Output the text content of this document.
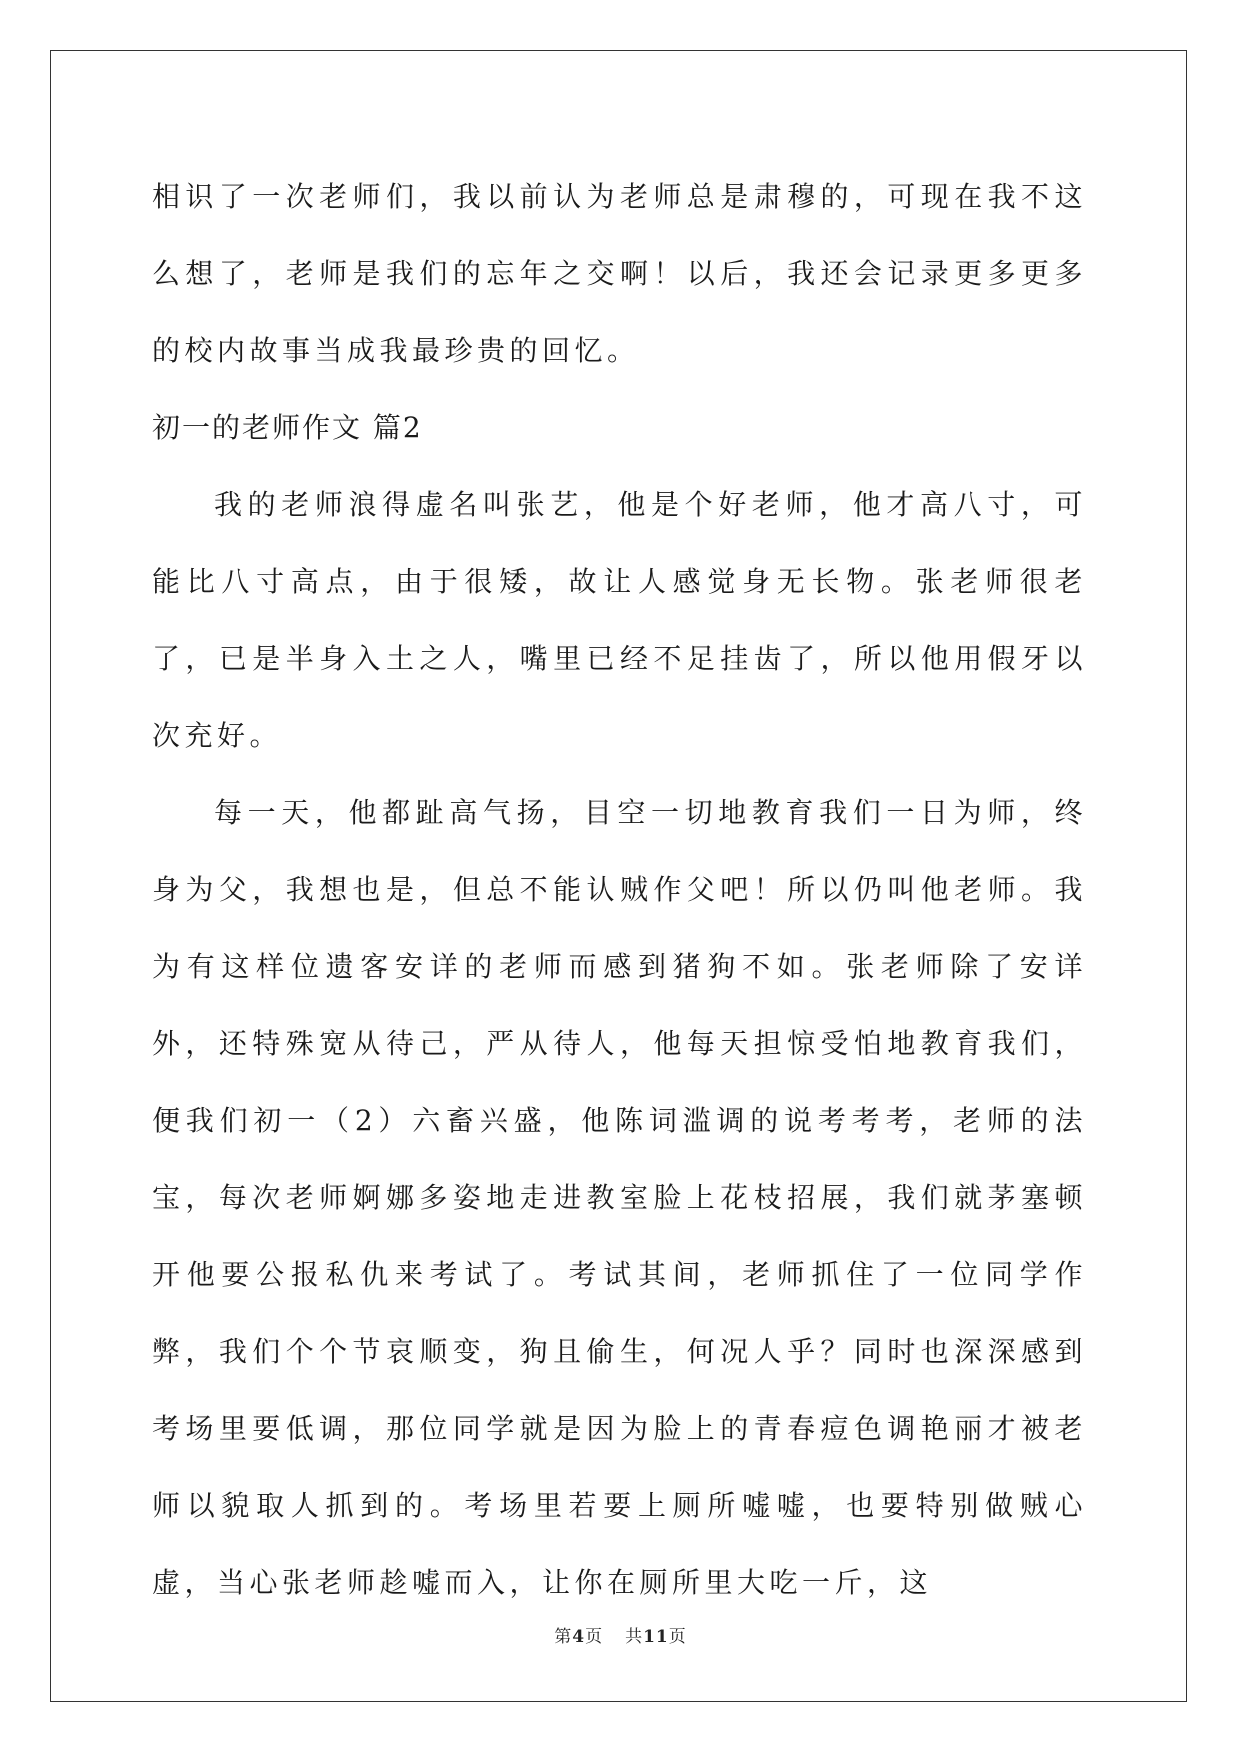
相识了一次老师们，我以前认为老师总是肃穆的，可现在我不这么想了，老师是我们的忘年之交啊！以后，我还会记录更多更多的校内故事当成我最珍贵的回忆。

初一的老师作文 篇2

我的老师浪得虚名叫张艺，他是个好老师，他才高八寸，可能比八寸高点，由于很矮，故让人感觉身无长物。张老师很老了，已是半身入土之人，嘴里已经不足挂齿了，所以他用假牙以次充好。

每一天，他都趾高气扬，目空一切地教育我们一日为师，终身为父，我想也是，但总不能认贼作父吧！所以仍叫他老师。我为有这样位遗客安详的老师而感到猪狗不如。张老师除了安详外，还特殊宽从待己，严从待人，他每天担惊受怕地教育我们，便我们初一（2）六畜兴盛，他陈词滥调的说考考考，老师的法宝，每次老师婀娜多姿地走进教室脸上花枝招展，我们就茅塞顿开他要公报私仇来考试了。考试其间，老师抓住了一位同学作弊，我们个个节哀顺变，狗且偷生，何况人乎？同时也深深感到考场里要低调，那位同学就是因为脸上的青春痘色调艳丽才被老师以貌取人抓到的。考场里若要上厕所嘘嘘，也要特别做贼心虚，当心张老师趁嘘而入，让你在厕所里大吃一斤，这

第4页 共11页
